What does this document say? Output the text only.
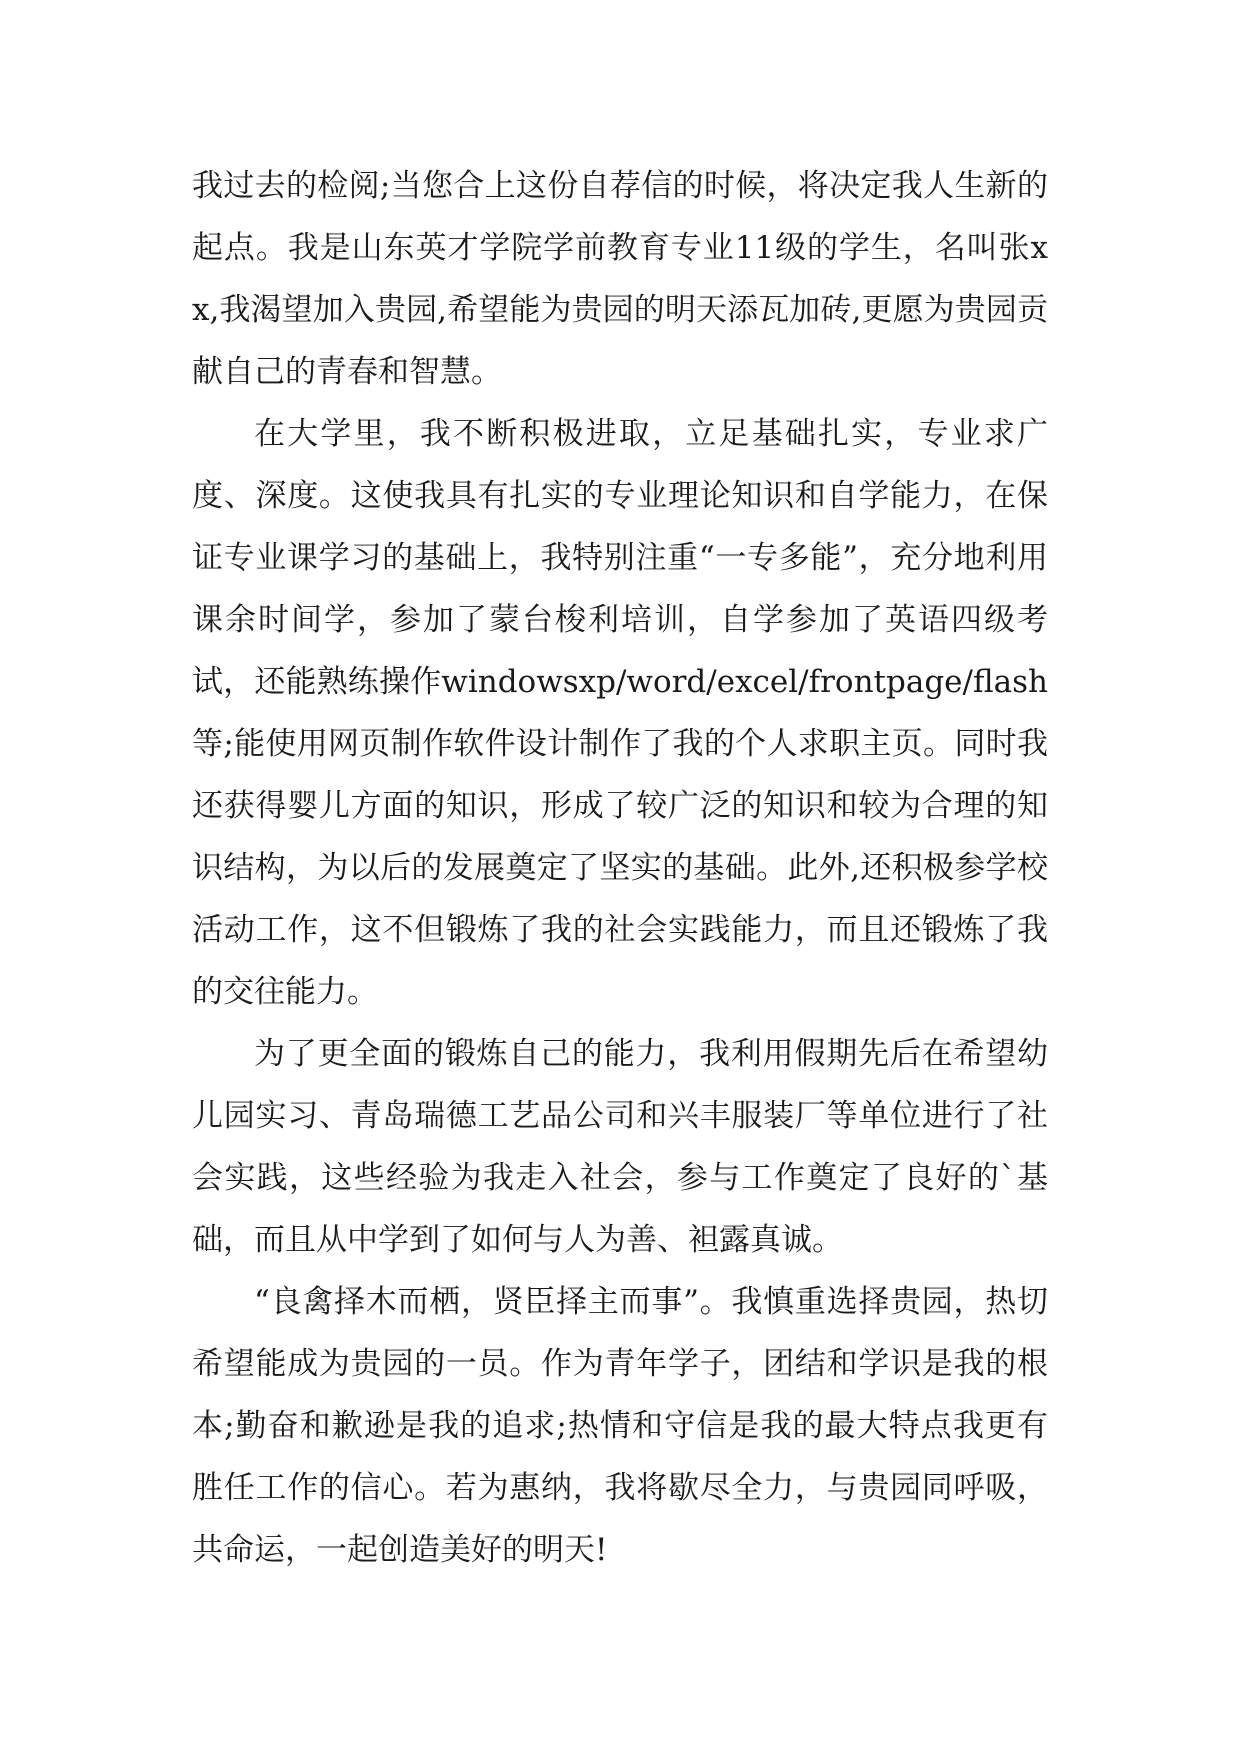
我过去的检阅;当您合上这份自荐信的时候，将决定我人生新的起点。我是山东英才学院学前教育专业11级的学生，名叫张xx,我渴望加入贵园,希望能为贵园的明天添瓦加砖,更愿为贵园贡献自己的青春和智慧。

在大学里，我不断积极进取，立足基础扎实，专业求广度、深度。这使我具有扎实的专业理论知识和自学能力，在保证专业课学习的基础上，我特别注重“一专多能”，充分地利用课余时间学，参加了蒙台梭利培训，自学参加了英语四级考试，还能熟练操作windowsxp/word/excel/frontpage/flash等;能使用网页制作软件设计制作了我的个人求职主页。同时我还获得婴儿方面的知识，形成了较广泛的知识和较为合理的知识结构，为以后的发展奠定了坚实的基础。此外,还积极参学校活动工作，这不但锻炼了我的社会实践能力，而且还锻炼了我的交往能力。

为了更全面的锻炼自己的能力，我利用假期先后在希望幼儿园实习、青岛瑞德工艺品公司和兴丰服装厂等单位进行了社会实践，这些经验为我走入社会，参与工作奠定了良好的`基础，而且从中学到了如何与人为善、袒露真诚。

“良禽择木而栖，贤臣择主而事”。我慎重选择贵园，热切希望能成为贵园的一员。作为青年学子，团结和学识是我的根本;勤奋和歉逊是我的追求;热情和守信是我的最大特点我更有胜任工作的信心。若为惠纳，我将歇尽全力，与贵园同呼吸，共命运，一起创造美好的明天!
